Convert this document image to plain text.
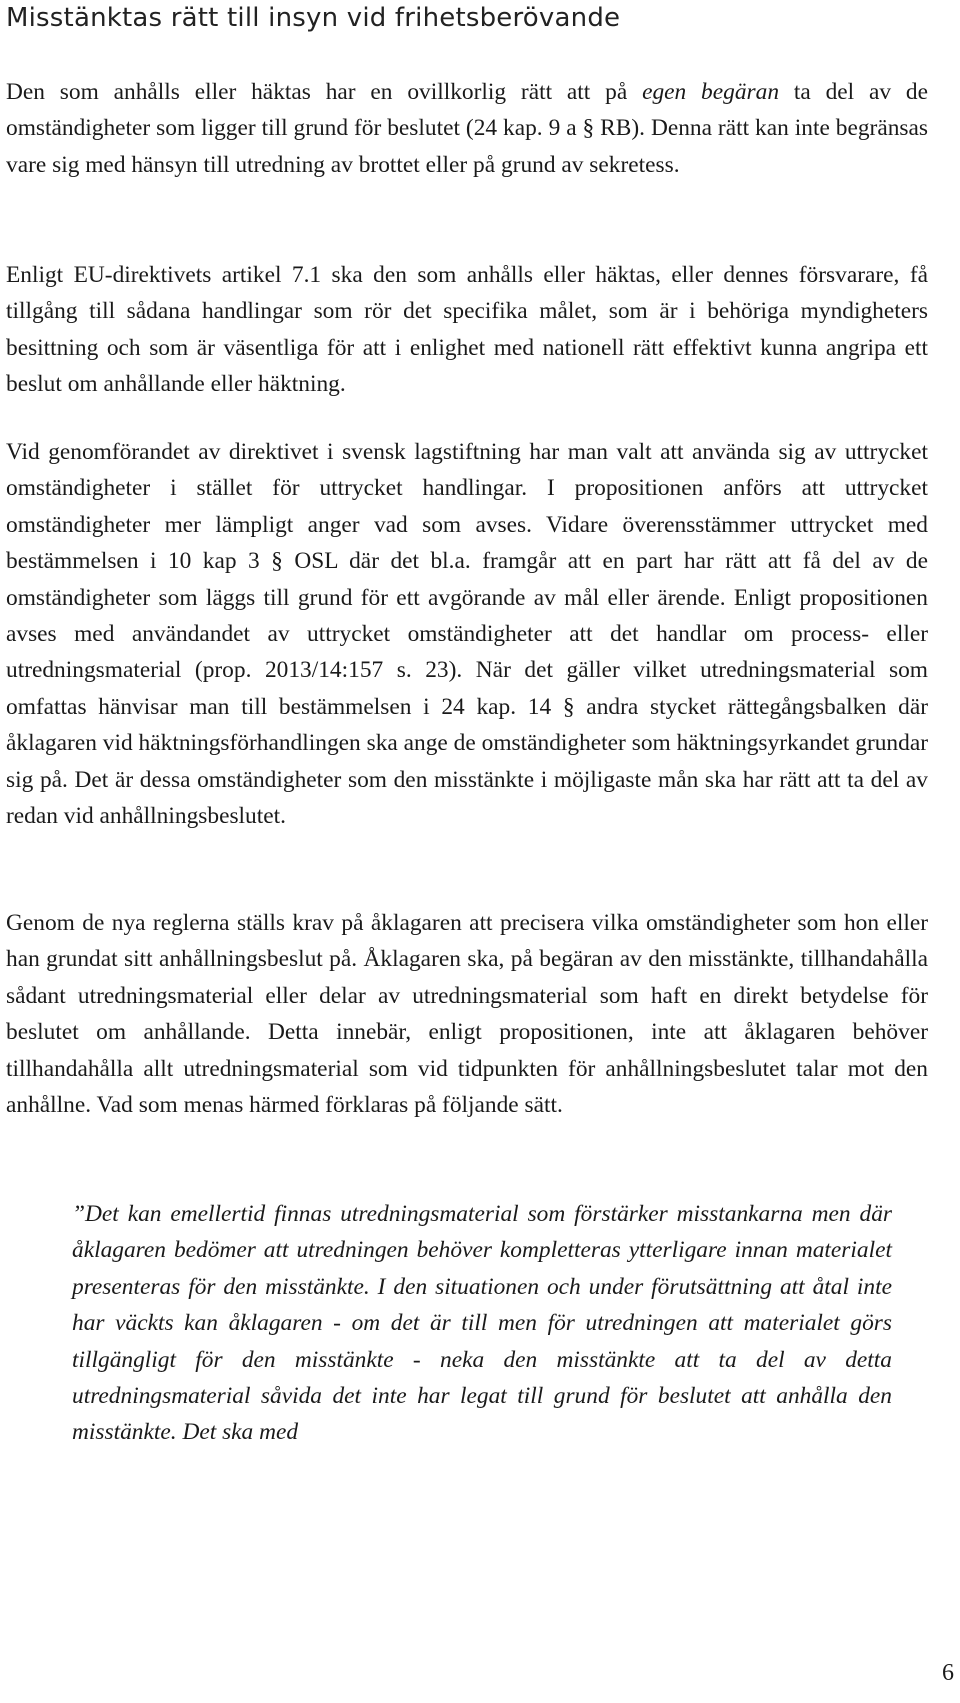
Misstänktas rätt till insyn vid frihetsberövande

Den som anhålls eller häktas har en ovillkorlig rätt att på egen begäran ta del av de omständigheter som ligger till grund för beslutet (24 kap. 9 a § RB). Denna rätt kan inte begränsas vare sig med hänsyn till utredning av brottet eller på grund av sekretess.

Enligt EU-direktivets artikel 7.1 ska den som anhålls eller häktas, eller dennes försvarare, få tillgång till sådana handlingar som rör det specifika målet, som är i behöriga myndigheters besittning och som är väsentliga för att i enlighet med nationell rätt effektivt kunna angripa ett beslut om anhållande eller häktning.

Vid genomförandet av direktivet i svensk lagstiftning har man valt att använda sig av uttrycket omständigheter i stället för uttrycket handlingar. I propositionen anförs att uttrycket omständigheter mer lämpligt anger vad som avses. Vidare överensstämmer uttrycket med bestämmelsen i 10 kap 3 § OSL där det bl.a. framgår att en part har rätt att få del av de omständigheter som läggs till grund för ett avgörande av mål eller ärende. Enligt propositionen avses med användandet av uttrycket omständigheter att det handlar om process- eller utredningsmaterial (prop. 2013/14:157 s. 23). När det gäller vilket utredningsmaterial som omfattas hänvisar man till bestämmelsen i 24 kap. 14 § andra stycket rättegångsbalken där åklagaren vid häktningsförhandlingen ska ange de omständigheter som häktningsyrkandet grundar sig på. Det är dessa omständigheter som den misstänkte i möjligaste mån ska har rätt att ta del av redan vid anhållningsbeslutet.

Genom de nya reglerna ställs krav på åklagaren att precisera vilka omständigheter som hon eller han grundat sitt anhållningsbeslut på. Åklagaren ska, på begäran av den misstänkte, tillhandahålla sådant utredningsmaterial eller delar av utredningsmaterial som haft en direkt betydelse för beslutet om anhållande. Detta innebär, enligt propositionen, inte att åklagaren behöver tillhandahålla allt utredningsmaterial som vid tidpunkten för anhållningsbeslutet talar mot den anhållne. Vad som menas härmed förklaras på följande sätt.

”Det kan emellertid finnas utredningsmaterial som förstärker misstankarna men där åklagaren bedömer att utredningen behöver kompletteras ytterligare innan materialet presenteras för den misstänkte. I den situationen och under förutsättning att åtal inte har väckts kan åklagaren - om det är till men för utredningen att materialet görs tillgängligt för den misstänkte - neka den misstänkte att ta del av detta utredningsmaterial såvida det inte har legat till grund för beslutet att anhålla den misstänkte. Det ska med
6
